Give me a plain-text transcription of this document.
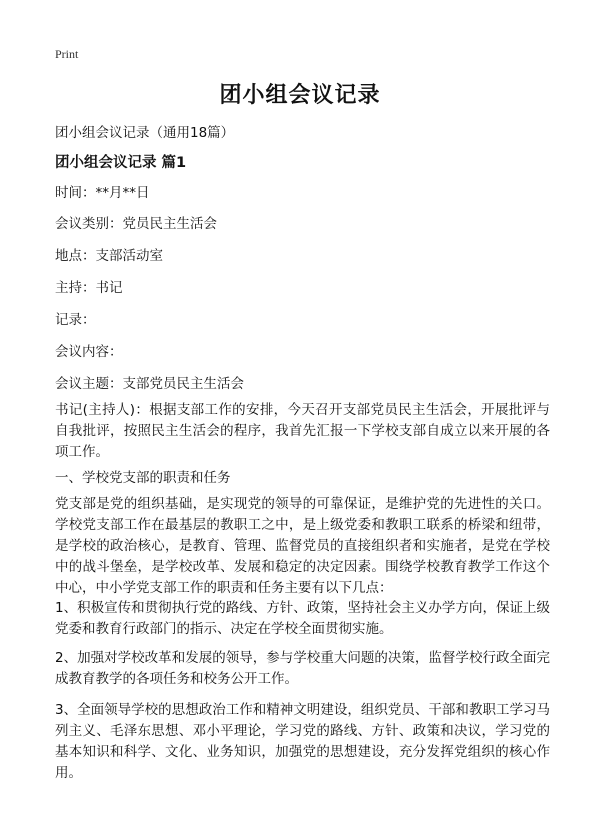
Print
团小组会议记录
团小组会议记录（通用18篇）
团小组会议记录 篇1
时间：**月**日
会议类别：党员民主生活会
地点：支部活动室
主持：书记
记录：
会议内容：
会议主题：支部党员民主生活会
书记(主持人)：根据支部工作的安排，今天召开支部党员民主生活会，开展批评与自我批评，按照民主生活会的程序，我首先汇报一下学校支部自成立以来开展的各项工作。
一、学校党支部的职责和任务
党支部是党的组织基础，是实现党的领导的可靠保证，是维护党的先进性的关口。学校党支部工作在最基层的教职工之中，是上级党委和教职工联系的桥梁和纽带，是学校的政治核心，是教育、管理、监督党员的直接组织者和实施者，是党在学校中的战斗堡垒，是学校改革、发展和稳定的决定因素。围绕学校教育教学工作这个中心，中小学党支部工作的职责和任务主要有以下几点：
1、积极宣传和贯彻执行党的路线、方针、政策，坚持社会主义办学方向，保证上级党委和教育行政部门的指示、决定在学校全面贯彻实施。
2、加强对学校改革和发展的领导，参与学校重大问题的决策，监督学校行政全面完成教育教学的各项任务和校务公开工作。
3、全面领导学校的思想政治工作和精神文明建设，组织党员、干部和教职工学习马列主义、毛泽东思想、邓小平理论，学习党的路线、方针、政策和决议，学习党的基本知识和科学、文化、业务知识，加强党的思想建设，充分发挥党组织的核心作用。
